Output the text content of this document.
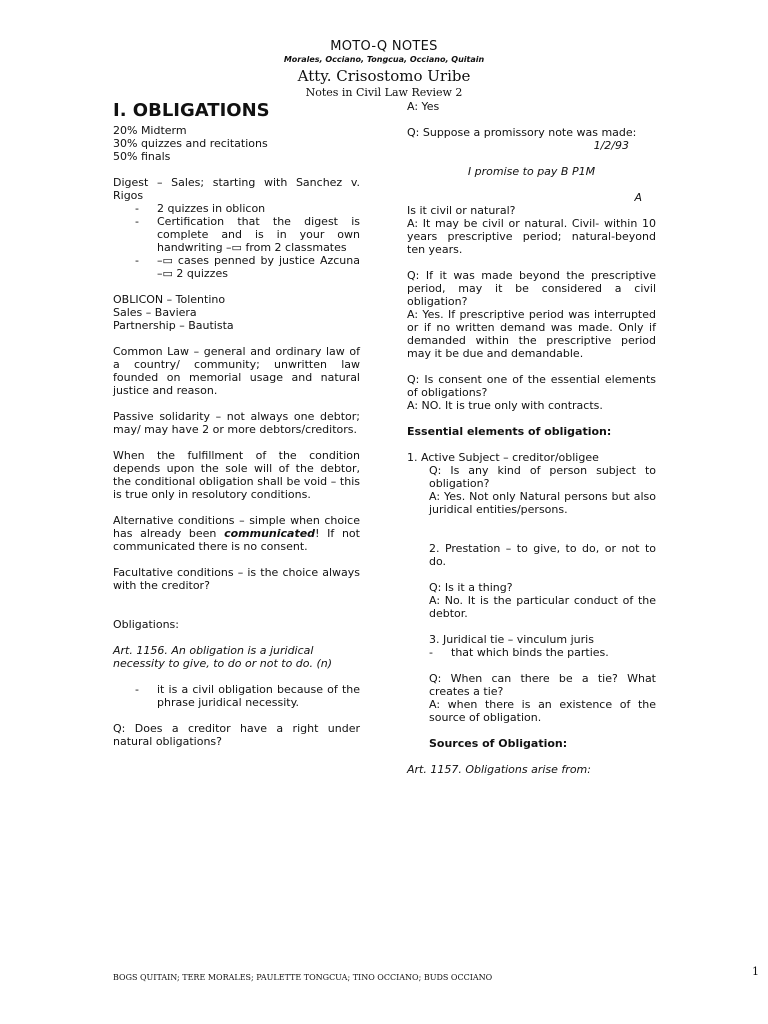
MOTO-Q NOTES
Morales, Occiano, Tongcua, Occiano, Quitain
Atty. Crisostomo Uribe
Notes in Civil Law Review 2
I. OBLIGATIONS

20% Midterm

30% quizzes and recitations

50% finals

Digest – Sales; starting with Sanchez v. Rigos

- 2 quizzes in oblicon
- Certification that the digest is complete and is in your own handwriting –▭ from 2 classmates
- –▭ cases penned by justice Azcuna –▭ 2 quizzes

OBLICON – Tolentino

Sales – Baviera

Partnership – Bautista

Common Law – general and ordinary law of a country/ community; unwritten law founded on memorial usage and natural justice and reason.

Passive solidarity – not always one debtor; may/ may have 2 or more debtors/creditors.

When the fulfillment of the condition depends upon the sole will of the debtor, the conditional obligation shall be void – this is true only in resolutory conditions.

Alternative conditions – simple when choice has already been communicated! If not communicated there is no consent.

Facultative conditions – is the choice always with the creditor?

Obligations:

Art. 1156. An obligation is a juridical necessity to give, to do or not to do. (n)

- it is a civil obligation because of the phrase juridical necessity.

Q: Does a creditor have a right under natural obligations?

A: Yes

Q: Suppose a promissory note was made:

1/2/93

I promise to pay B P1M

A

Is it civil or natural?

A: It may be civil or natural. Civil- within 10 years prescriptive period; natural-beyond ten years.

Q: If it was made beyond the prescriptive period, may it be considered a civil obligation?

A: Yes. If prescriptive period was interrupted or if no written demand was made. Only if demanded within the prescriptive period may it be due and demandable.

Q: Is consent one of the essential elements of obligations?

A: NO. It is true only with contracts.

Essential elements of obligation:

1. Active Subject – creditor/obligee

Q: Is any kind of person subject to obligation?

A: Yes. Not only Natural persons but also juridical entities/persons.

2. Prestation – to give, to do, or not to do.

Q: Is it a thing?

A: No. It is the particular conduct of the debtor.

3. Juridical tie – vinculum juris

- that which binds the parties.

Q: When can there be a tie? What creates a tie?

A: when there is an existence of the source of obligation.

Sources of Obligation:

Art. 1157. Obligations arise from:

BOGS QUITAIN; TERE MORALES; PAULETTE TONGCUA; TINO OCCIANO; BUDS OCCIANO	1
